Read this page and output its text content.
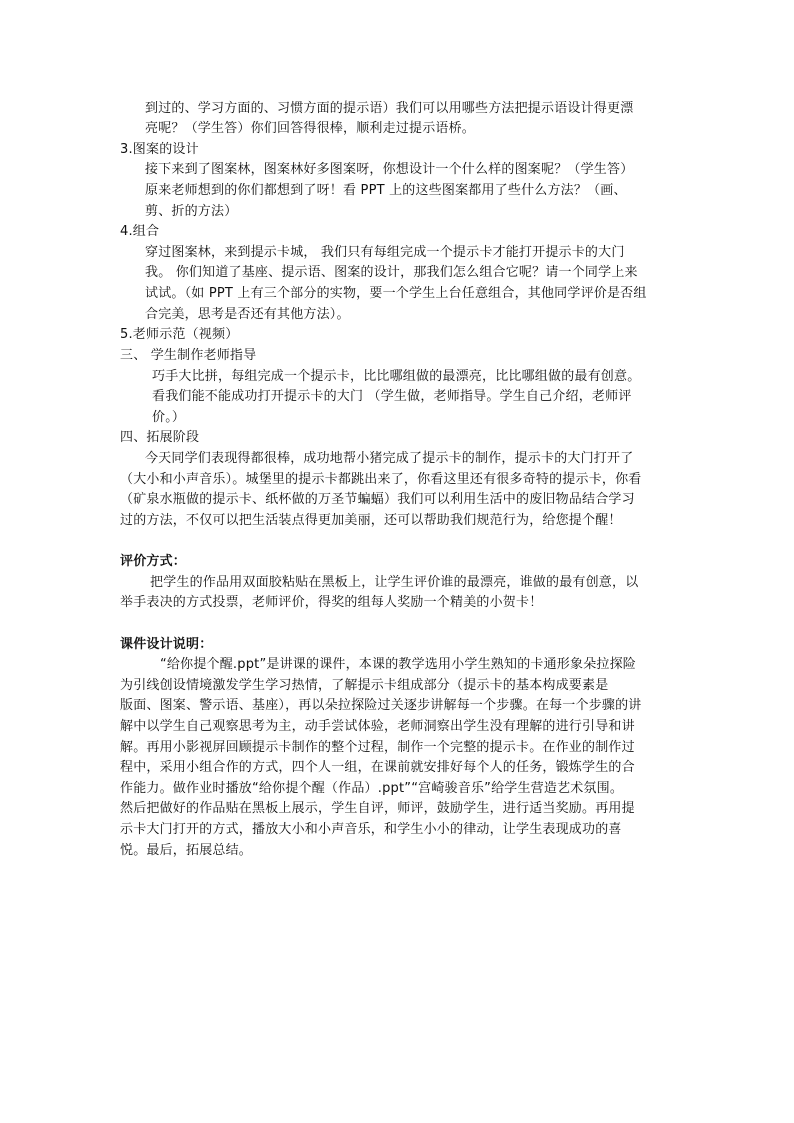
到过的、学习方面的、习惯方面的提示语）我们可以用哪些方法把提示语设计得更漂
亮呢？（学生答）你们回答得很棒，顺利走过提示语桥。
3.图案的设计
接下来到了图案林，图案林好多图案呀，你想设计一个什么样的图案呢？（学生答）
原来老师想到的你们都想到了呀！看 PPT 上的这些图案都用了些什么方法？（画、
剪、折的方法）
4.组合
穿过图案林，来到提示卡城， 我们只有每组完成一个提示卡才能打开提示卡的大门
我。 你们知道了基座、提示语、图案的设计，那我们怎么组合它呢？请一个同学上来
试试。（如 PPT 上有三个部分的实物，要一个学生上台任意组合，其他同学评价是否组
合完美，思考是否还有其他方法）。
5.老师示范（视频）
三、 学生制作老师指导
巧手大比拼，每组完成一个提示卡，比比哪组做的最漂亮，比比哪组做的最有创意。
看我们能不能成功打开提示卡的大门 （学生做，老师指导。学生自己介绍，老师评
价。）
四、拓展阶段
今天同学们表现得都很棒，成功地帮小猪完成了提示卡的制作，提示卡的大门打开了
（大小和小声音乐）。城堡里的提示卡都跳出来了，你看这里还有很多奇特的提示卡，你看
（矿泉水瓶做的提示卡、纸杯做的万圣节蝙蝠）我们可以利用生活中的废旧物品结合学习
过的方法，不仅可以把生活装点得更加美丽，还可以帮助我们规范行为，给您提个醒！
评价方式：
把学生的作品用双面胶粘贴在黑板上，让学生评价谁的最漂亮，谁做的最有创意，以
举手表决的方式投票，老师评价，得奖的组每人奖励一个精美的小贺卡！
课件设计说明：
“给你提个醒.ppt”是讲课的课件，本课的教学选用小学生熟知的卡通形象朵拉探险
为引线创设情境激发学生学习热情，了解提示卡组成部分（提示卡的基本构成要素是
版面、图案、警示语、基座），再以朵拉探险过关逐步讲解每一个步骤。在每一个步骤的讲
解中以学生自己观察思考为主，动手尝试体验，老师洞察出学生没有理解的进行引导和讲
解。再用小影视屏回顾提示卡制作的整个过程，制作一个完整的提示卡。在作业的制作过
程中，采用小组合作的方式，四个人一组，在课前就安排好每个人的任务，锻炼学生的合
作能力。做作业时播放“给你提个醒（作品）.ppt”“宫崎骏音乐”给学生营造艺术氛围。
然后把做好的作品贴在黑板上展示，学生自评，师评，鼓励学生，进行适当奖励。再用提
示卡大门打开的方式，播放大小和小声音乐，和学生小小的律动，让学生表现成功的喜
悦。最后，拓展总结。
